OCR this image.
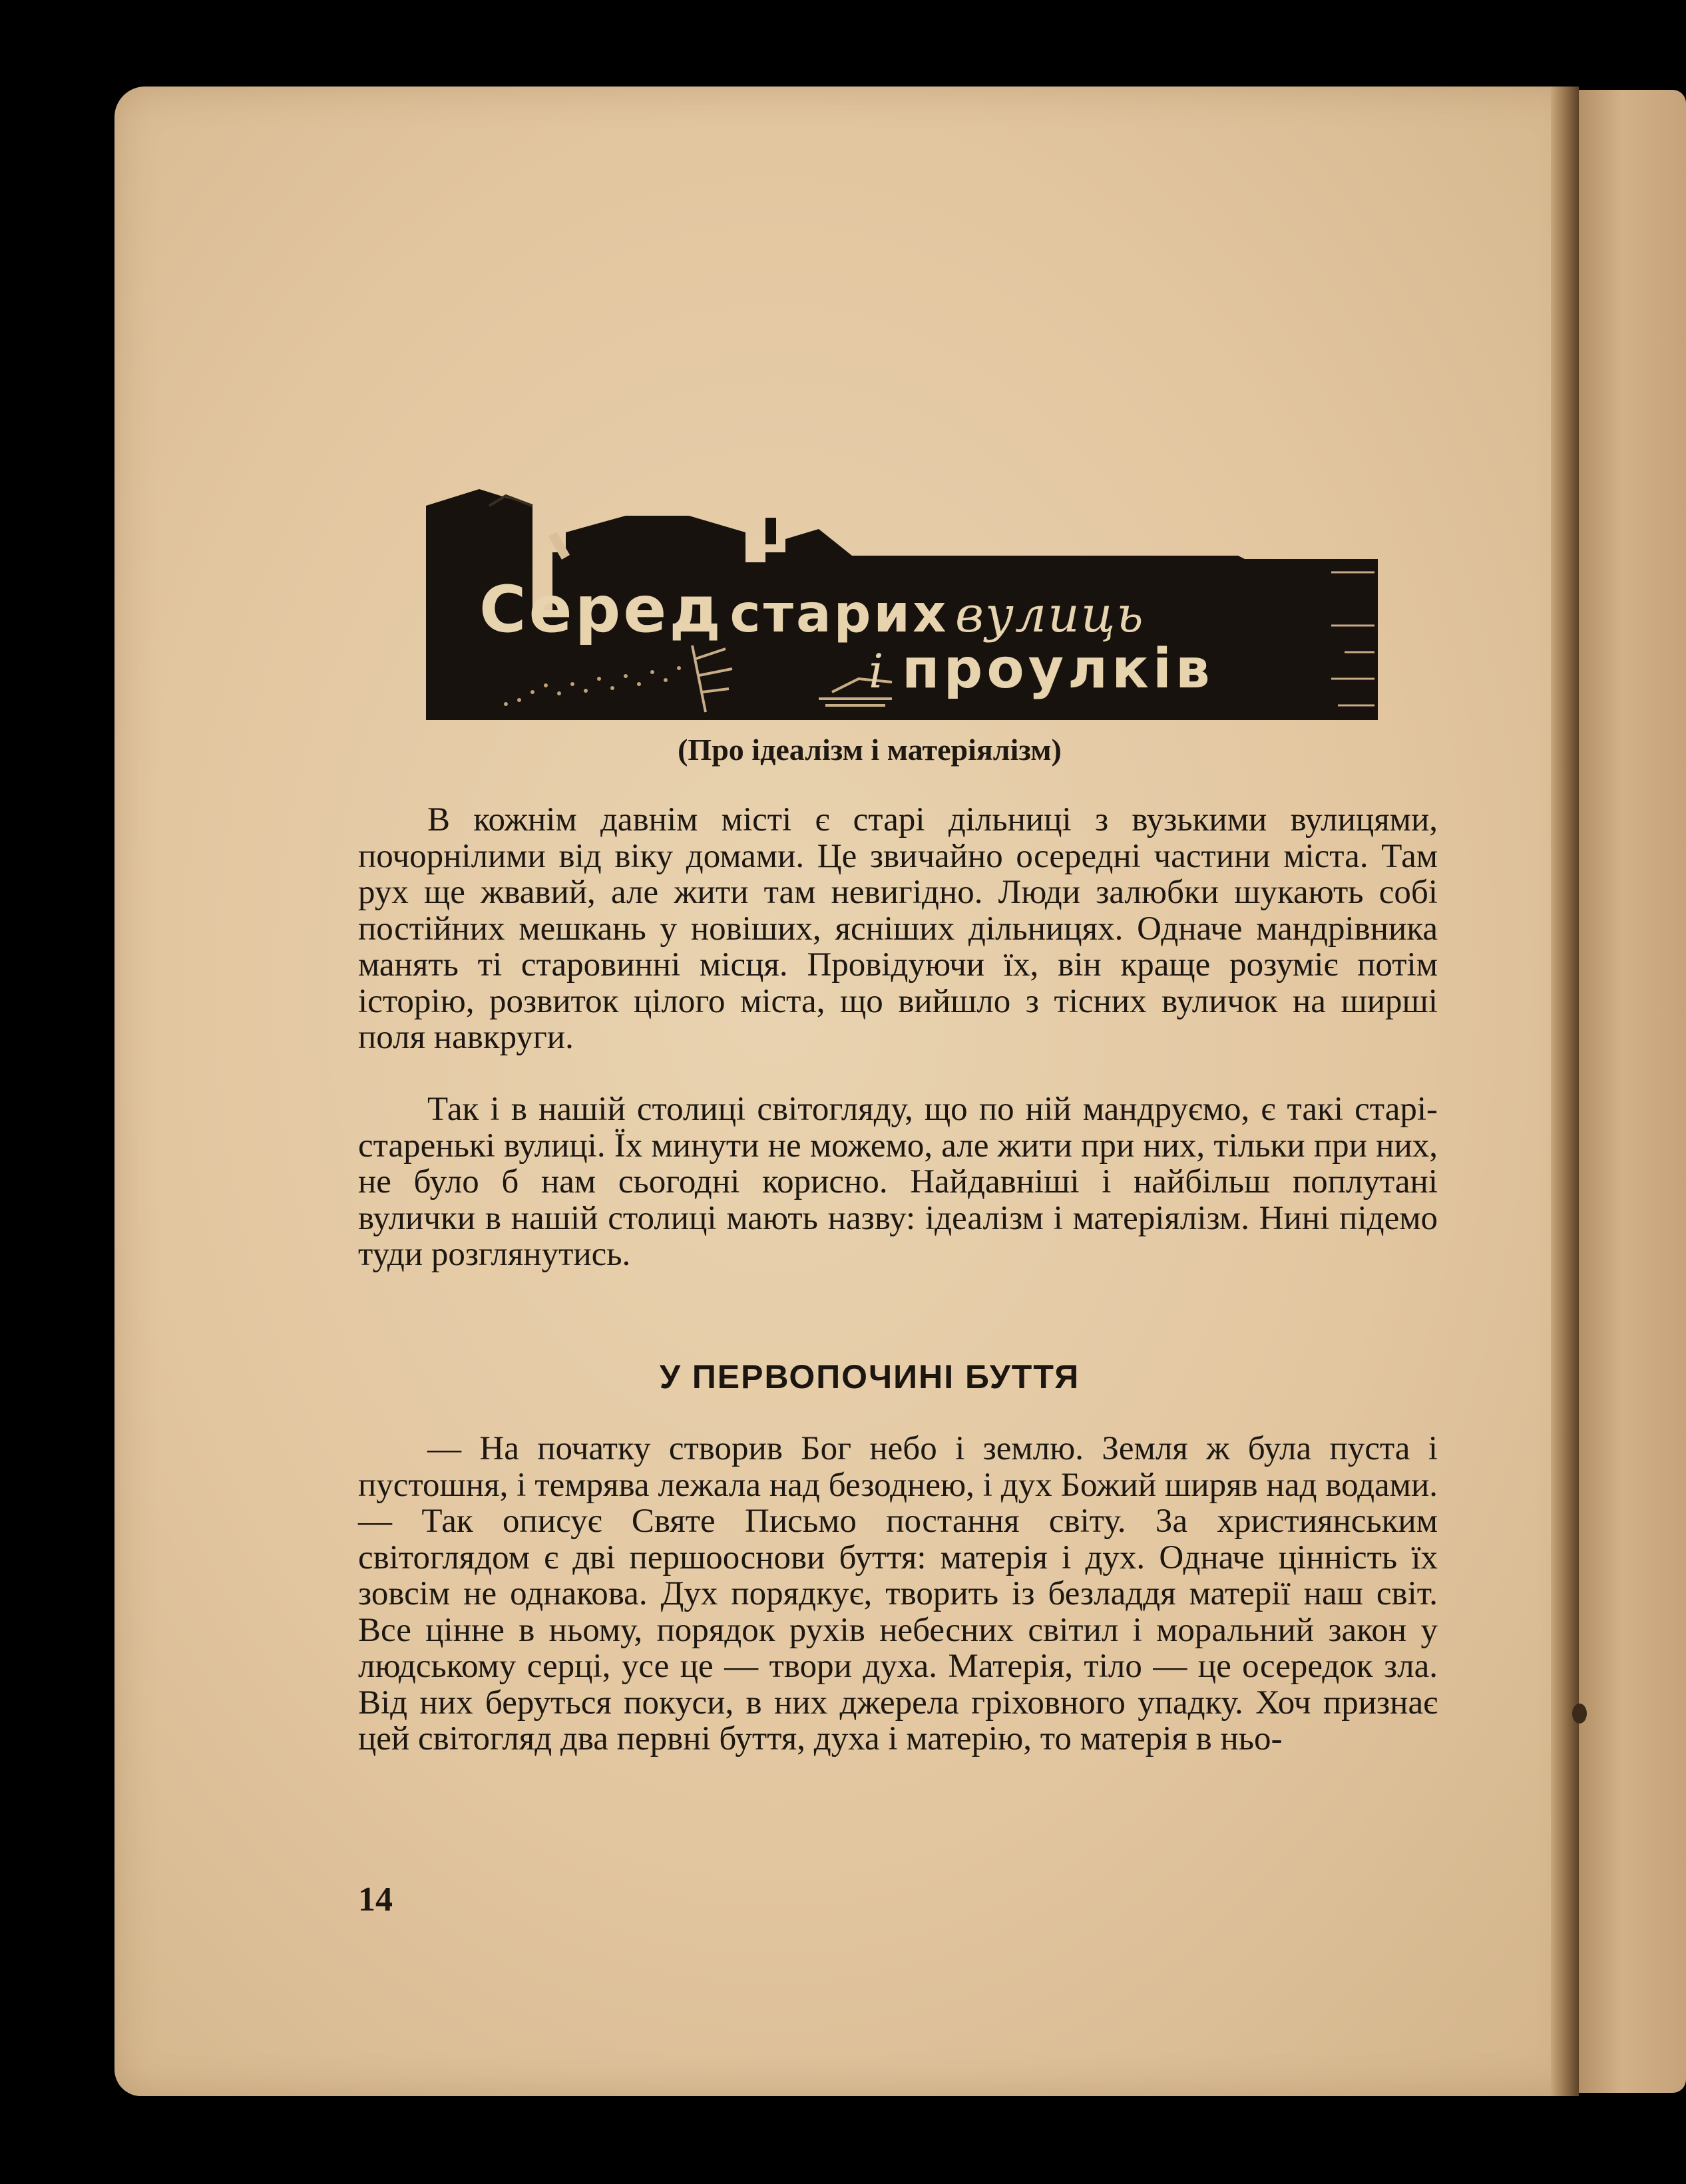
Серед старих вулиць
і проулків
(Про ідеалізм і матеріялізм)

В кожнім давнім місті є старі дільниці з вузькими вулицями, почорнілими від віку домами. Це звичайно осередні частини міста. Там рух ще жвавий, але жити там невигідно. Люди залюбки шукають собі постійних мешкань у новіших, ясніших дільницях. Одначе мандрівника манять ті старовинні місця. Провідуючи їх, він краще розуміє потім історію, розвиток цілого міста, що вийшло з тісних вуличок на ширші поля навкруги.

Так і в нашій столиці світогляду, що по ній мандруємо, є такі старі-старенькі вулиці. Їх минути не можемо, але жити при них, тільки при них, не було б нам сьогодні корисно. Найдавніші і найбільш поплутані вулички в нашій столиці мають назву: ідеалізм і матеріялізм. Нині підемо туди розглянутись.

У ПЕРВОПОЧИНІ БУТТЯ

— На початку створив Бог небо і землю. Земля ж була пуста і пустошня, і темрява лежала над безоднею, і дух Божий ширяв над водами. — Так описує Святе Письмо постання світу. За християнським світоглядом є дві першооснови буття: матерія і дух. Одначе цінність їх зовсім не однакова. Дух порядкує, творить із безладдя матерії наш світ. Все цінне в ньому, порядок рухів небесних світил і моральний закон у людському серці, усе це — твори духа. Матерія, тіло — це осередок зла. Від них беруться покуси, в них джерела гріховного упадку. Хоч признає цей світогляд два первні буття, духа і матерію, то матерія в ньо-

14
